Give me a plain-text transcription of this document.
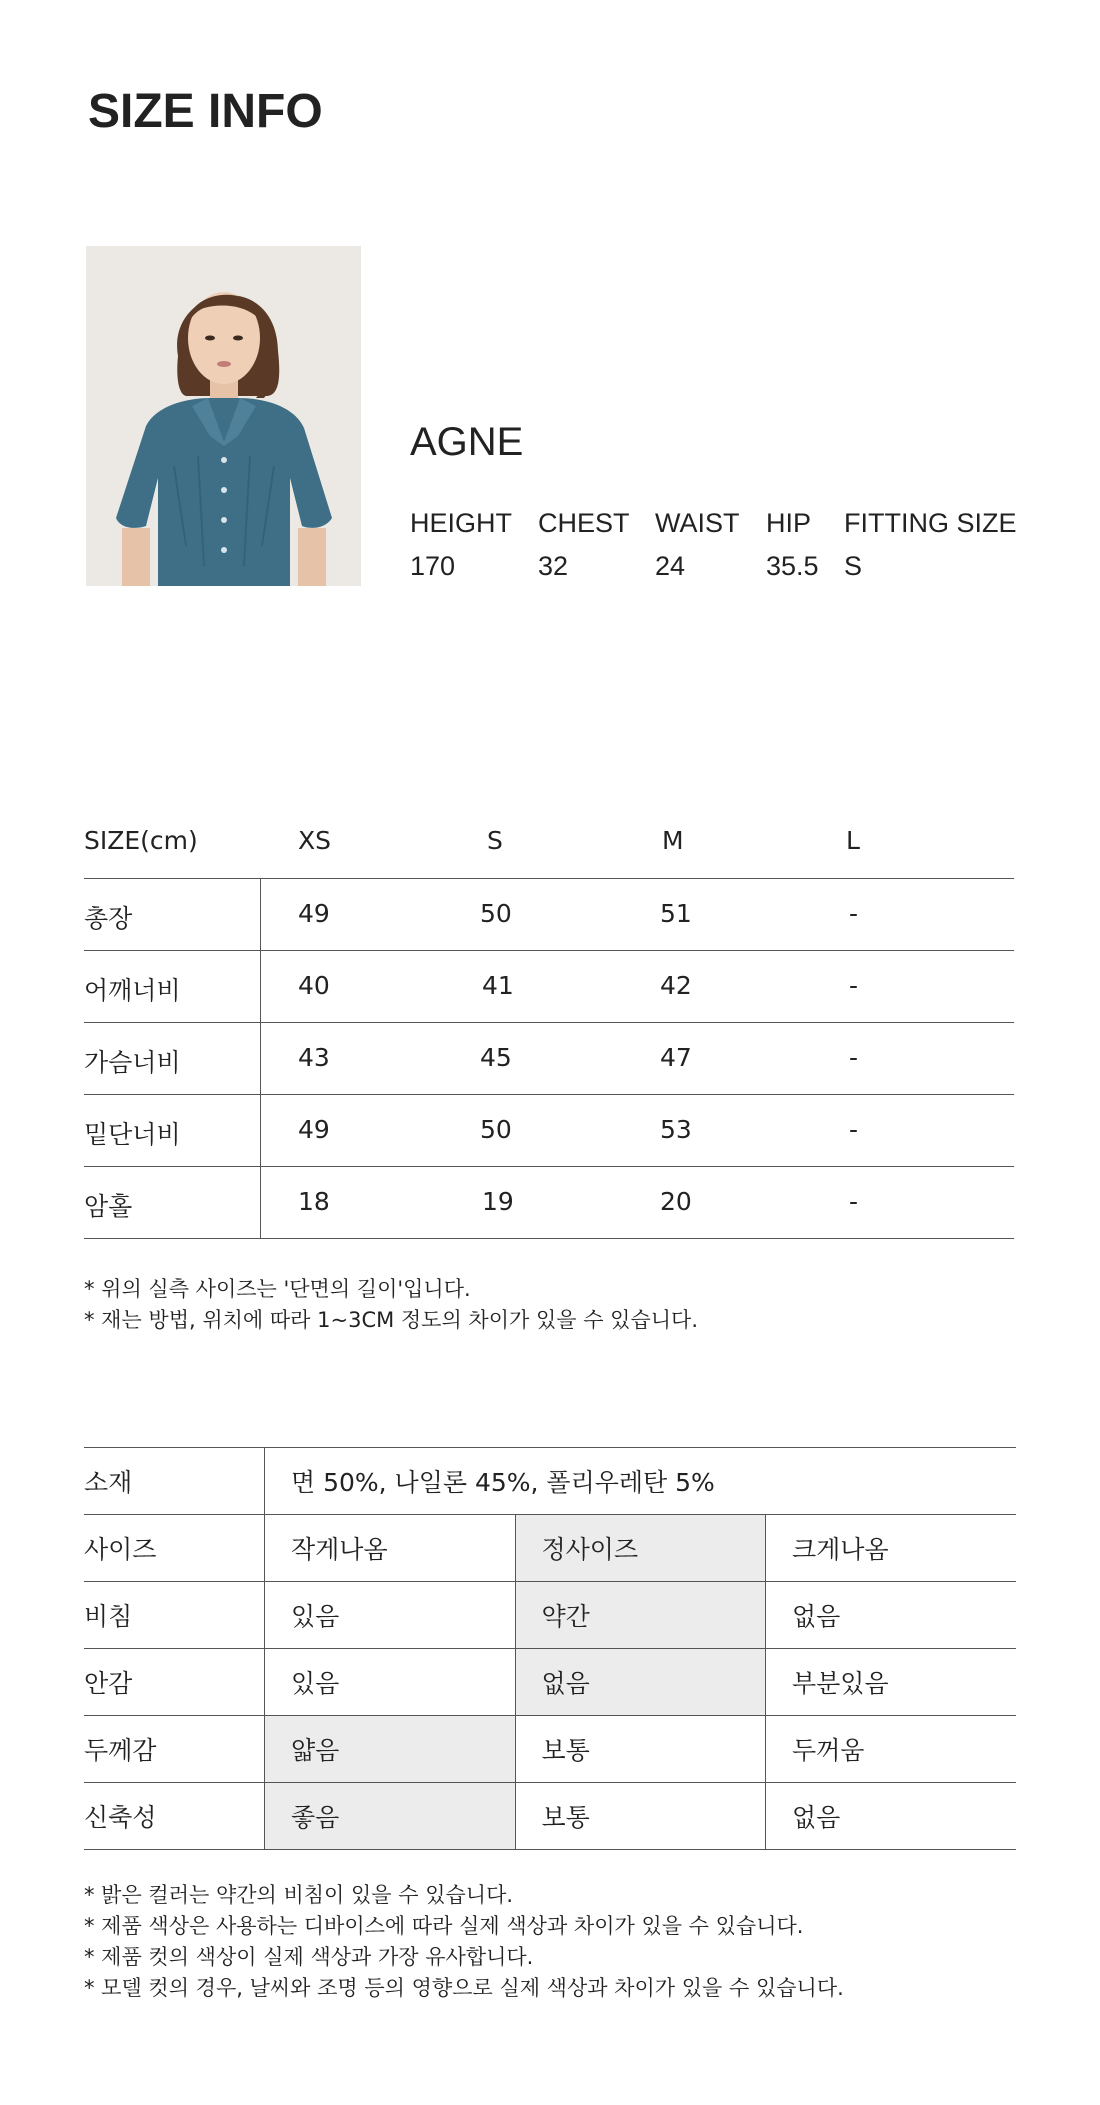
SIZE INFO
AGNE
HEIGHT CHEST WAIST HIP FITTING SIZE
170	32	24	35.5 S
SIZE(cm)	XS	S	M	L
총장	49	50	51	-
어깨너비	40	41	42	-
가슴너비	43	45	47	-
밑단너비	49	50	53	-
암홀	18	19	20	-
* 위의 실측 사이즈는 '단면의 길이'입니다.
* 재는 방법, 위치에 따라 1~3CM 정도의 차이가 있을 수 있습니다.
소재	면 50%, 나일론 45%, 폴리우레탄 5%		
사이즈	작게나옴	정사이즈	크게나옴
비침	있음	약간	없음
안감	있음	없음	부분있음
두께감	얇음	보통	두꺼움
신축성	좋음	보통	없음
* 밝은 컬러는 약간의 비침이 있을 수 있습니다.
* 제품 색상은 사용하는 디바이스에 따라 실제 색상과 차이가 있을 수 있습니다.
* 제품 컷의 색상이 실제 색상과 가장 유사합니다.
* 모델 컷의 경우, 날씨와 조명 등의 영향으로 실제 색상과 차이가 있을 수 있습니다.
